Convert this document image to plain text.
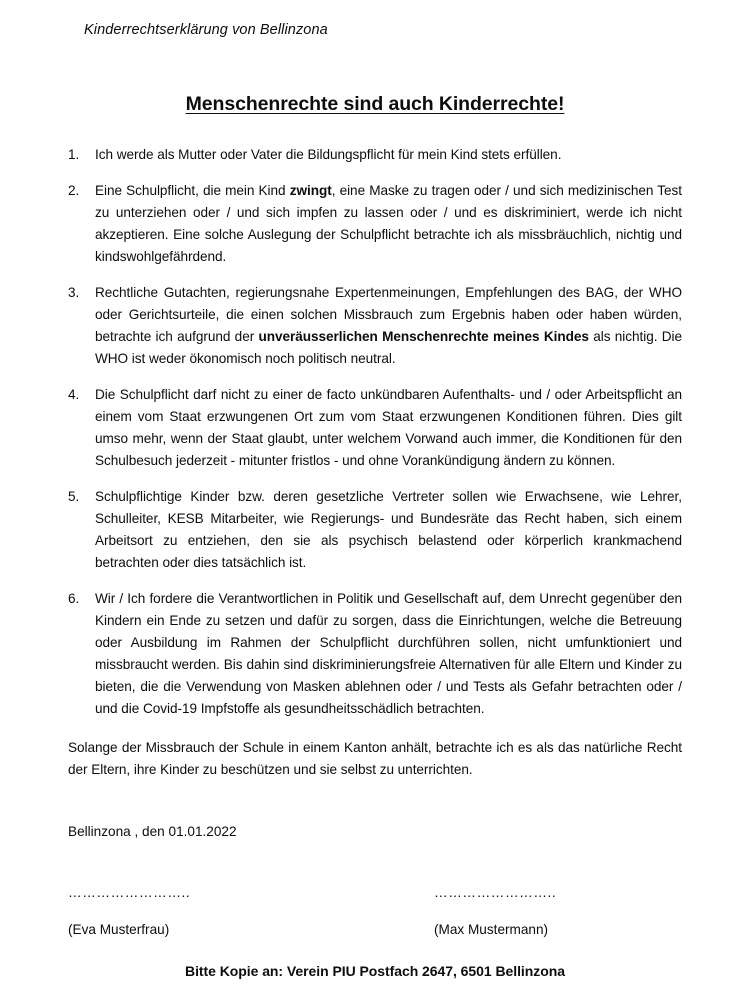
Kinderrechtserklärung von Bellinzona
Menschenrechte sind auch Kinderrechte!
1. Ich werde als Mutter oder Vater die Bildungspflicht für mein Kind stets erfüllen.
2. Eine Schulpflicht, die mein Kind zwingt, eine Maske zu tragen oder / und sich medizinischen Test zu unterziehen oder / und sich impfen zu lassen oder / und es diskriminiert, werde ich nicht akzeptieren. Eine solche Auslegung der Schulpflicht betrachte ich als missbräuchlich, nichtig und kindswohlgefährdend.
3. Rechtliche Gutachten, regierungsnahe Expertenmeinungen, Empfehlungen des BAG, der WHO oder Gerichtsurteile, die einen solchen Missbrauch zum Ergebnis haben oder haben würden, betrachte ich aufgrund der unveräusserlichen Menschenrechte meines Kindes als nichtig. Die WHO ist weder ökonomisch noch politisch neutral.
4. Die Schulpflicht darf nicht zu einer de facto unkündbaren Aufenthalts- und / oder Arbeitspflicht an einem vom Staat erzwungenen Ort zum vom Staat erzwungenen Konditionen führen. Dies gilt umso mehr, wenn der Staat glaubt, unter welchem Vorwand auch immer, die Konditionen für den Schulbesuch jederzeit - mitunter fristlos - und ohne Vorankündigung ändern zu können.
5. Schulpflichtige Kinder bzw. deren gesetzliche Vertreter sollen wie Erwachsene, wie Lehrer, Schulleiter, KESB Mitarbeiter, wie Regierungs- und Bundesräte das Recht haben, sich einem Arbeitsort zu entziehen, den sie als psychisch belastend oder körperlich krankmachend betrachten oder dies tatsächlich ist.
6. Wir / Ich fordere die Verantwortlichen in Politik und Gesellschaft auf, dem Unrecht gegenüber den Kindern ein Ende zu setzen und dafür zu sorgen, dass die Einrichtungen, welche die Betreuung oder Ausbildung im Rahmen der Schulpflicht durchführen sollen, nicht umfunktioniert und missbraucht werden. Bis dahin sind diskriminierungsfreie Alternativen für alle Eltern und Kinder zu bieten, die die Verwendung von Masken ablehnen oder / und Tests als Gefahr betrachten oder / und die Covid-19 Impfstoffe als gesundheitsschädlich betrachten.

Solange der Missbrauch der Schule in einem Kanton anhält, betrachte ich es als das natürliche Recht der Eltern, ihre Kinder zu beschützen und sie selbst zu unterrichten.

Bellinzona , den 01.01.2022
……………………..
(Eva Musterfrau)
……………………..
(Max Mustermann)
Bitte Kopie an: Verein PIU Postfach 2647, 6501 Bellinzona
